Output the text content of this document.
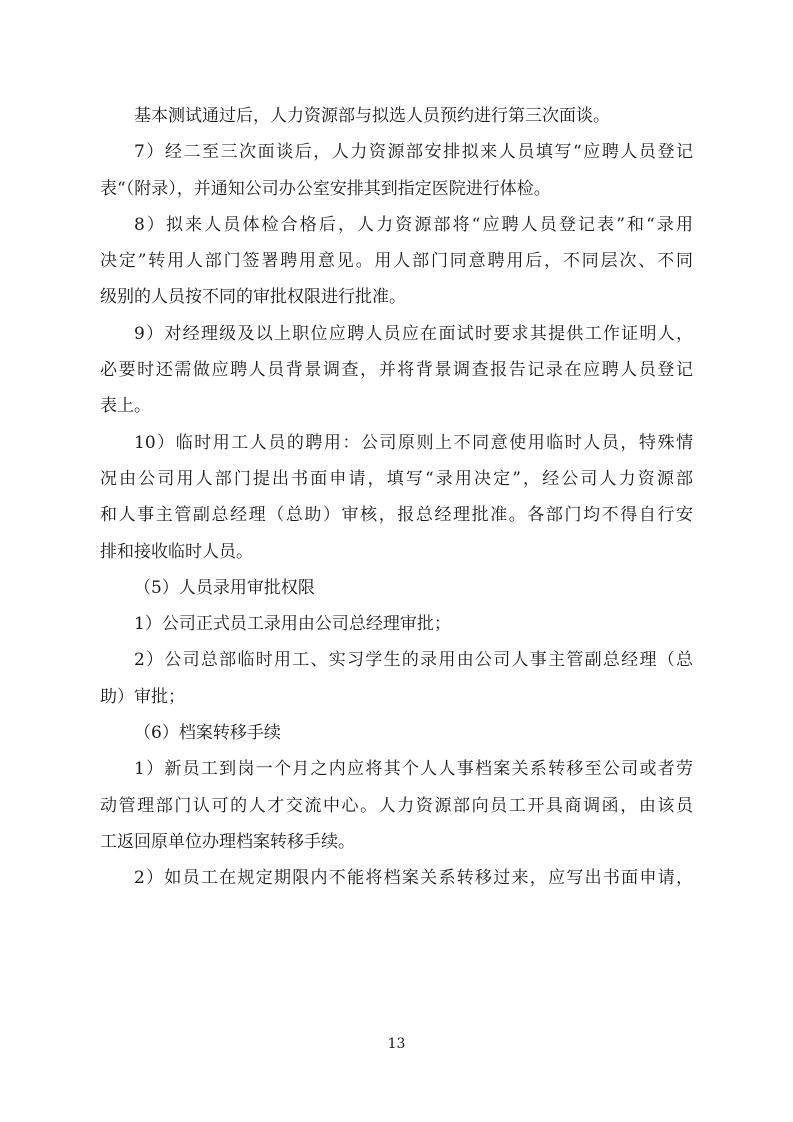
基本测试通过后，人力资源部与拟选人员预约进行第三次面谈。
7）经二至三次面谈后，人力资源部安排拟来人员填写“应聘人员登记
表“（附录），并通知公司办公室安排其到指定医院进行体检。
8）拟来人员体检合格后，人力资源部将“应聘人员登记表”和“录用
决定”转用人部门签署聘用意见。用人部门同意聘用后，不同层次、不同
级别的人员按不同的审批权限进行批准。
9）对经理级及以上职位应聘人员应在面试时要求其提供工作证明人，
必要时还需做应聘人员背景调查，并将背景调查报告记录在应聘人员登记
表上。
10）临时用工人员的聘用：公司原则上不同意使用临时人员，特殊情
况由公司用人部门提出书面申请，填写“录用决定”，经公司人力资源部
和人事主管副总经理（总助）审核，报总经理批准。各部门均不得自行安
排和接收临时人员。
（5）人员录用审批权限
1）公司正式员工录用由公司总经理审批；
2）公司总部临时用工、实习学生的录用由公司人事主管副总经理（总
助）审批；
（6）档案转移手续
1）新员工到岗一个月之内应将其个人人事档案关系转移至公司或者劳
动管理部门认可的人才交流中心。人力资源部向员工开具商调函，由该员
工返回原单位办理档案转移手续。
2）如员工在规定期限内不能将档案关系转移过来，应写出书面申请，
13
